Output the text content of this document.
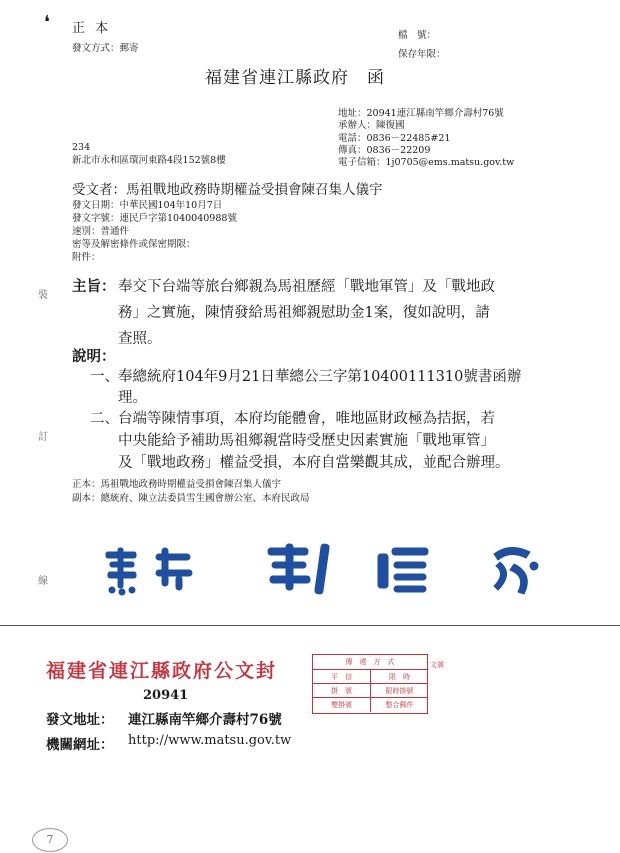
❛ 正 本
發文方式：郵寄
檔　號：
保存年限：
福建省連江縣政府　函
地址：20941連江縣南竿鄉介壽村76號
承辦人：陳復國
電話：0836－22485#21
傳真：0836－22209
電子信箱：1j0705@ems.matsu.gov.tw
234
新北市永和區環河東路4段152號8樓
受文者：馬祖戰地政務時期權益受損會陳召集人儀宇
發文日期：中華民國104年10月7日
發文字號：連民戶字第1040040988號
速別：普通件
密等及解密條件或保密期限：
附件：
主旨： 奉交下台端等旅台鄉親為馬祖歷經「戰地軍管」及「戰地政
務」之實施，陳情發給馬祖鄉親慰助金1案，復如說明，請
查照。
說明：
一、 奉總統府104年9月21日華總公三字第10400111310號書函辦
理。
二、 台端等陳情事項，本府均能體會，唯地區財政極為拮据，若
中央能給予補助馬祖鄉親當時受歷史因素實施「戰地軍管」
及「戰地政務」權益受損，本府自當樂觀其成，並配合辦理。
正本：馬祖戰地政務時期權益受損會陳召集人儀宇
副本：總統府、陳立法委員雪生國會辦公室、本府民政局
裝
訂
線
福建省連江縣政府公文封
20941
發文地址： 連江縣南竿鄉介壽村76號
機關網址： http://www.matsu.gov.tw
傳　遞　方　式
平　信	限　時
掛　號	限時掛號
雙掛號	整合郵件
文號
7
